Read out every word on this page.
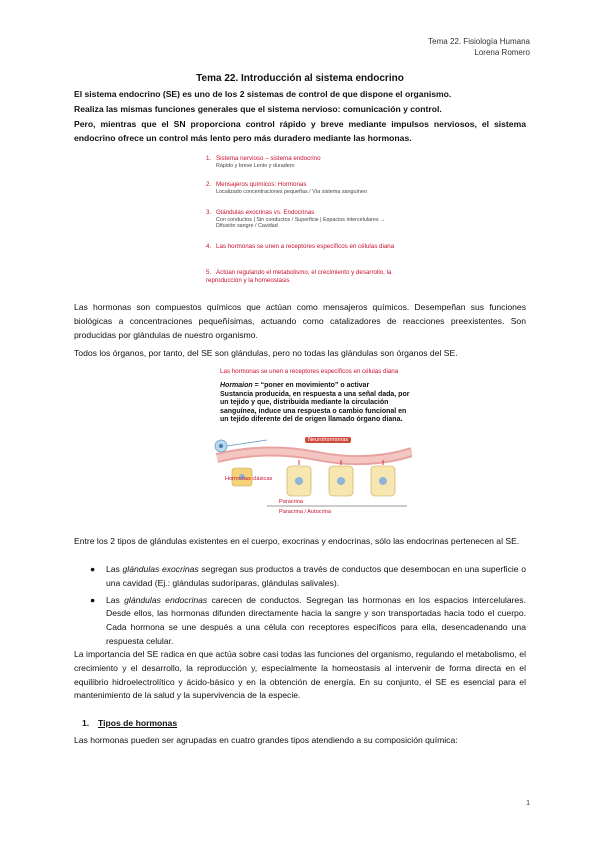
Tema 22. Fisiología Humana
Lorena Romero
Tema 22. Introducción al sistema endocrino
El sistema endocrino (SE) es uno de los 2 sistemas de control de que dispone el organismo.
Realiza las mismas funciones generales que el sistema nervioso: comunicación y control.
Pero, mientras que el SN proporciona control rápido y breve mediante impulsos nerviosos, el sistema endocrino ofrece un control más lento pero más duradero mediante las hormonas.
1. Sistema nervioso – sistema endocrino
Rápido y breve Lento y duradero
2. Mensajeros químicos: Hormonas
Localizado concentraciones pequeñas / Vía sistema sanguíneo
3. Glándulas exocrinas vs. Endocrinas
Con conductos | Sin conductos / Superficie | Espacios intercelulares → Difusión sangre / Cavidad
4. Las hormonas se unen a receptores específicos en células diana
5. Actúan regulando el metabolismo, el crecimiento y desarrollo, la reproducción y la homeostasis
Las hormonas son compuestos químicos que actúan como mensajeros químicos. Desempeñan sus funciones biológicas a concentraciones pequeñísimas, actuando como catalizadores de reacciones preexistentes. Son producidas por glándulas de nuestro organismo.
Todos los órganos, por tanto, del SE son glándulas, pero no todas las glándulas son órganos del SE.
Las hormonas se unen a receptores específicos en células diana
Hormaion = “poner en movimiento” o activar
Sustancia producida, en respuesta a una señal dada, por un tejido y que, distribuida mediante la circulación sanguínea, induce una respuesta o cambio funcional en un tejido diferente del de origen llamado órgano diana.
Neurohormonas
Hormonas clásicas
Paracrina
Paracrina / Autocrina
Entre los 2 tipos de glándulas existentes en el cuerpo, exocrinas y endocrinas, sólo las endocrinas pertenecen al SE.
● Las glándulas exocrinas segregan sus productos a través de conductos que desembocan en una superficie o una cavidad (Ej.: glándulas sudoríparas, glándulas salivales).
● Las glándulas endocrinas carecen de conductos. Segregan las hormonas en los espacios intercelulares. Desde ellos, las hormonas difunden directamente hacia la sangre y son transportadas hacia todo el cuerpo. Cada hormona se une después a una célula con receptores específicos para ella, desencadenando una respuesta celular.
La importancia del SE radica en que actúa sobre casi todas las funciones del organismo, regulando el metabolismo, el crecimiento y el desarrollo, la reproducción y, especialmente la homeostasis al intervenir de forma directa en el equilibrio hidroelectrolítico y ácido-básico y en la obtención de energía. En su conjunto, el SE es esencial para el mantenimiento de la salud y la supervivencia de la especie.
1. Tipos de hormonas
Las hormonas pueden ser agrupadas en cuatro grandes tipos atendiendo a su composición química:
1
